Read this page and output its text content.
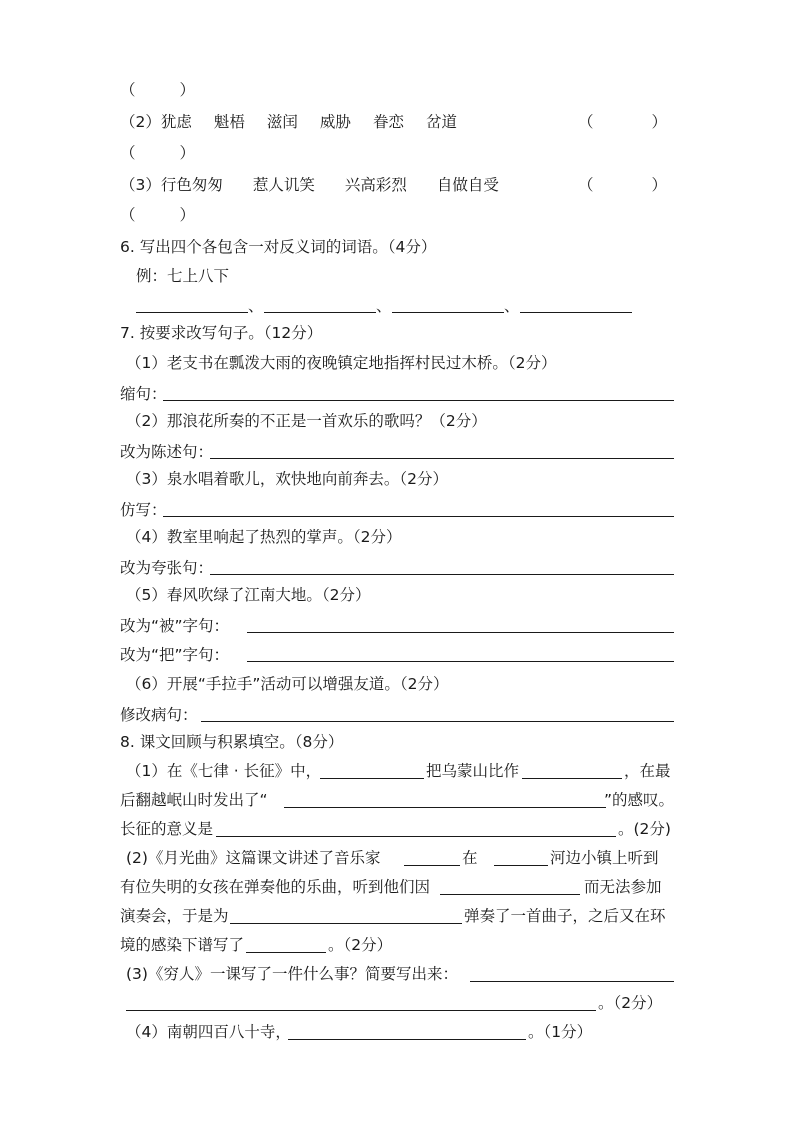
（	）
（2）犹虑 魁梧 滋闰 威胁 眷恋 岔道	（	）
（	）
（3）行色匆匆 惹人讥笑 兴高彩烈 自做自受	（	）
（	）
6. 写出四个各包含一对反义词的词语。（4分）
例：七上八下
、	、	、
7. 按要求改写句子。（12分）
（1）老支书在瓢泼大雨的夜晚镇定地指挥村民过木桥。（2分）
缩句：
（2）那浪花所奏的不正是一首欢乐的歌吗？（2分）
改为陈述句：
（3）泉水唱着歌儿，欢快地向前奔去。（2分）
仿写：
（4）教室里响起了热烈的掌声。（2分）
改为夸张句：
（5）春风吹绿了江南大地。（2分）
改为“被”字句：
改为“把”字句：
（6）开展“手拉手”活动可以增强友道。（2分）
修改病句：
8. 课文回顾与积累填空。（8分）
（1）在《七律 · 长征》中，	把乌蒙山比作	，在最
后翻越岷山时发出了“	”的感叹。
长征的意义是	。(2分)
(2)《月光曲》这篇课文讲述了音乐家	在	河边小镇上听到
有位失明的女孩在弹奏他的乐曲，听到他们因	而无法参加
演奏会，于是为	弹奏了一首曲子，之后又在环
境的感染下谱写了	。（2分）
(3)《穷人》一课写了一件什么事？简要写出来：
。（2分）
（4）南朝四百八十寺，	。（1分）
